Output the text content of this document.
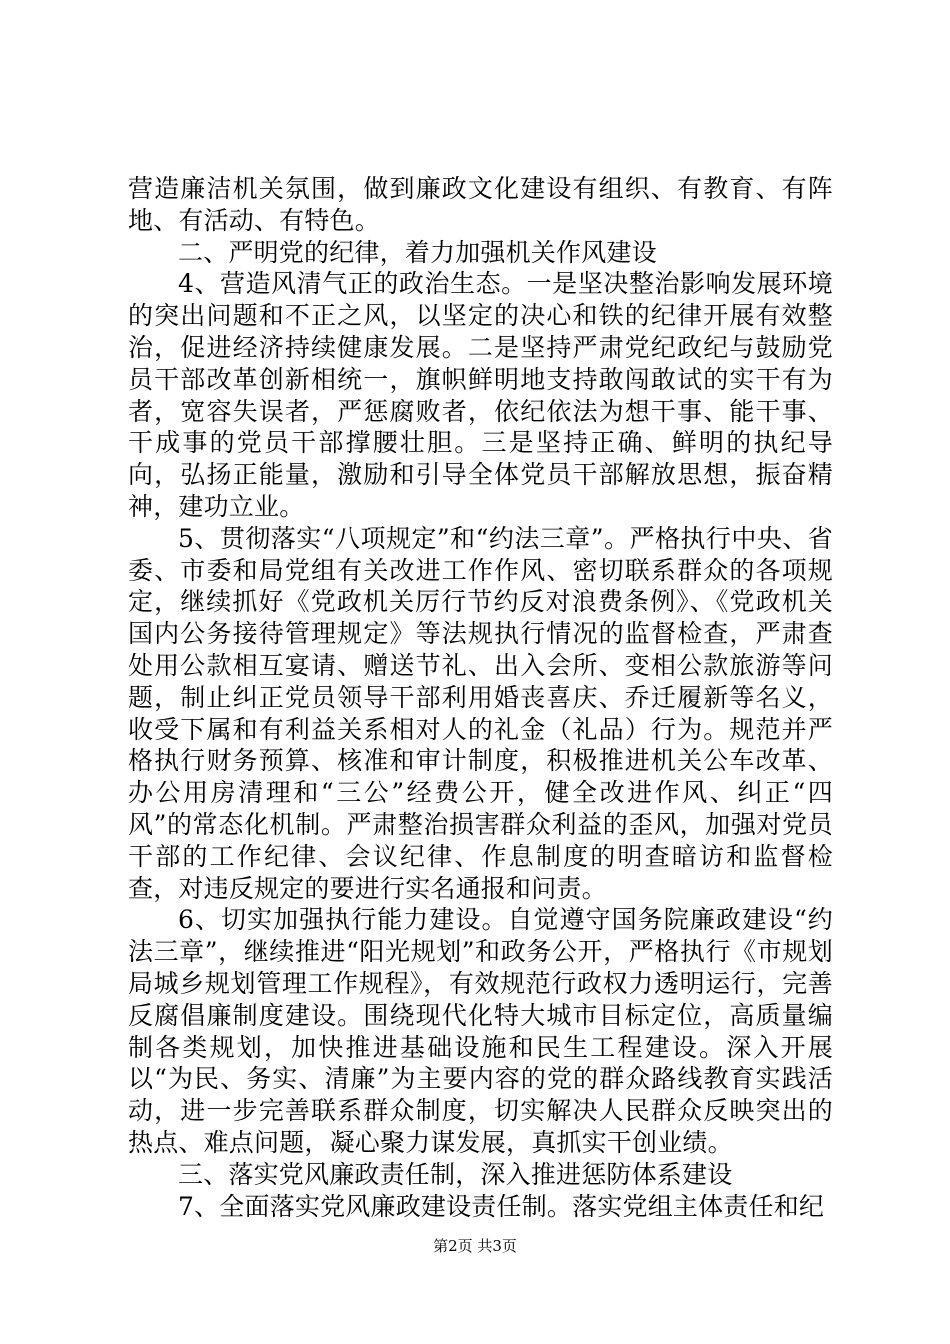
营造廉洁机关氛围，做到廉政文化建设有组织、有教育、有阵地、有活动、有特色。

二、严明党的纪律，着力加强机关作风建设

4、营造风清气正的政治生态。一是坚决整治影响发展环境的突出问题和不正之风，以坚定的决心和铁的纪律开展有效整治，促进经济持续健康发展。二是坚持严肃党纪政纪与鼓励党员干部改革创新相统一，旗帜鲜明地支持敢闯敢试的实干有为者，宽容失误者，严惩腐败者，依纪依法为想干事、能干事、干成事的党员干部撑腰壮胆。三是坚持正确、鲜明的执纪导向，弘扬正能量，激励和引导全体党员干部解放思想，振奋精神，建功立业。

5、贯彻落实“八项规定”和“约法三章”。严格执行中央、省委、市委和局党组有关改进工作作风、密切联系群众的各项规定，继续抓好《党政机关厉行节约反对浪费条例》、《党政机关国内公务接待管理规定》等法规执行情况的监督检查，严肃查处用公款相互宴请、赠送节礼、出入会所、变相公款旅游等问题，制止纠正党员领导干部利用婚丧喜庆、乔迁履新等名义，收受下属和有利益关系相对人的礼金（礼品）行为。规范并严格执行财务预算、核准和审计制度，积极推进机关公车改革、办公用房清理和“三公”经费公开，健全改进作风、纠正“四风”的常态化机制。严肃整治损害群众利益的歪风，加强对党员干部的工作纪律、会议纪律、作息制度的明查暗访和监督检查，对违反规定的要进行实名通报和问责。

6、切实加强执行能力建设。自觉遵守国务院廉政建设“约法三章”，继续推进“阳光规划”和政务公开，严格执行《市规划局城乡规划管理工作规程》，有效规范行政权力透明运行，完善反腐倡廉制度建设。围绕现代化特大城市目标定位，高质量编制各类规划，加快推进基础设施和民生工程建设。深入开展以“为民、务实、清廉”为主要内容的党的群众路线教育实践活动，进一步完善联系群众制度，切实解决人民群众反映突出的热点、难点问题，凝心聚力谋发展，真抓实干创业绩。

三、落实党风廉政责任制，深入推进惩防体系建设

7、全面落实党风廉政建设责任制。落实党组主体责任和纪

第2页 共3页
